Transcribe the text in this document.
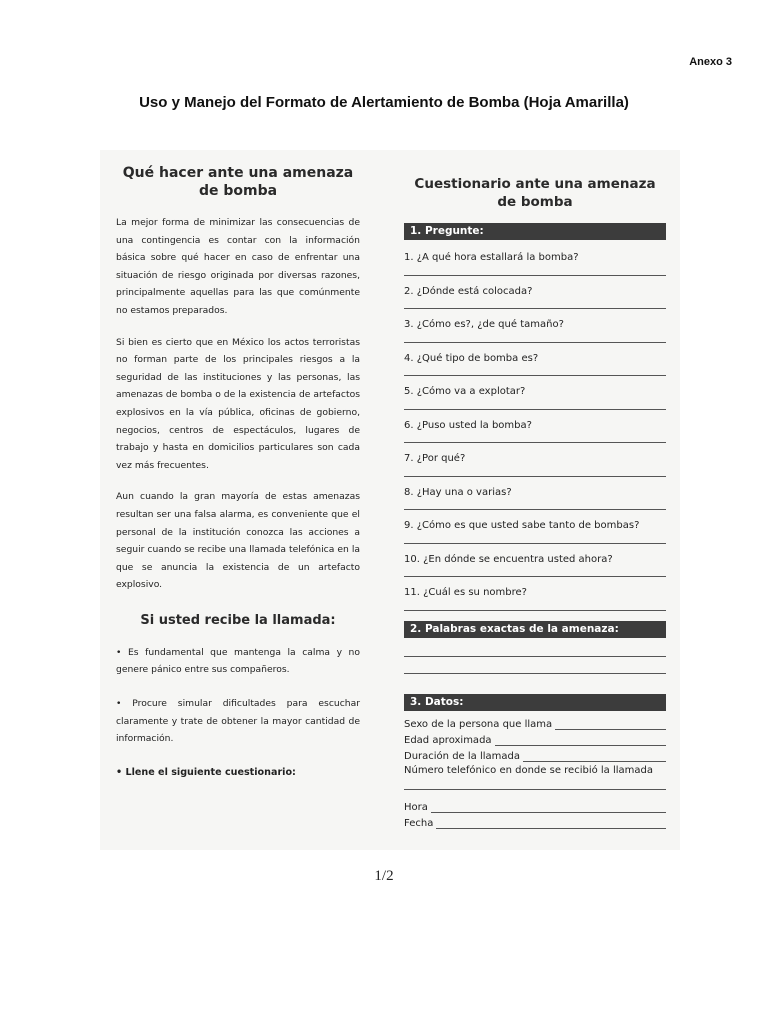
Anexo 3
Uso y Manejo del Formato de Alertamiento de Bomba (Hoja Amarilla)
Qué hacer ante una amenaza de bomba

La mejor forma de minimizar las consecuencias de una contingencia es contar con la información básica sobre qué hacer en caso de enfrentar una situación de riesgo originada por diversas razones, principalmente aquellas para las que comúnmente no estamos preparados.

Si bien es cierto que en México los actos terroristas no forman parte de los principales riesgos a la seguridad de las instituciones y las personas, las amenazas de bomba o de la existencia de artefactos explosivos en la vía pública, oficinas de gobierno, negocios, centros de espectáculos, lugares de trabajo y hasta en domicilios particulares son cada vez más frecuentes.

Aun cuando la gran mayoría de estas amenazas resultan ser una falsa alarma, es conveniente que el personal de la institución conozca las acciones a seguir cuando se recibe una llamada telefónica en la que se anuncia la existencia de un artefacto explosivo.

Si usted recibe la llamada:

• Es fundamental que mantenga la calma y no genere pánico entre sus compañeros.

• Procure simular dificultades para escuchar claramente y trate de obtener la mayor cantidad de información.

• Llene el siguiente cuestionario:

Cuestionario ante una amenaza de bomba
1. Pregunte:
1. ¿A qué hora estallará la bomba?
2. ¿Dónde está colocada?
3. ¿Cómo es?, ¿de qué tamaño?
4. ¿Qué tipo de bomba es?
5. ¿Cómo va a explotar?
6. ¿Puso usted la bomba?
7. ¿Por qué?
8. ¿Hay una o varias?
9. ¿Cómo es que usted sabe tanto de bombas?
10. ¿En dónde se encuentra usted ahora?
11. ¿Cuál es su nombre?
2. Palabras exactas de la amenaza:
3. Datos:
Sexo de la persona que llama
Edad aproximada
Duración de la llamada
Número telefónico en donde se recibió la llamada
Hora
Fecha
1/2
